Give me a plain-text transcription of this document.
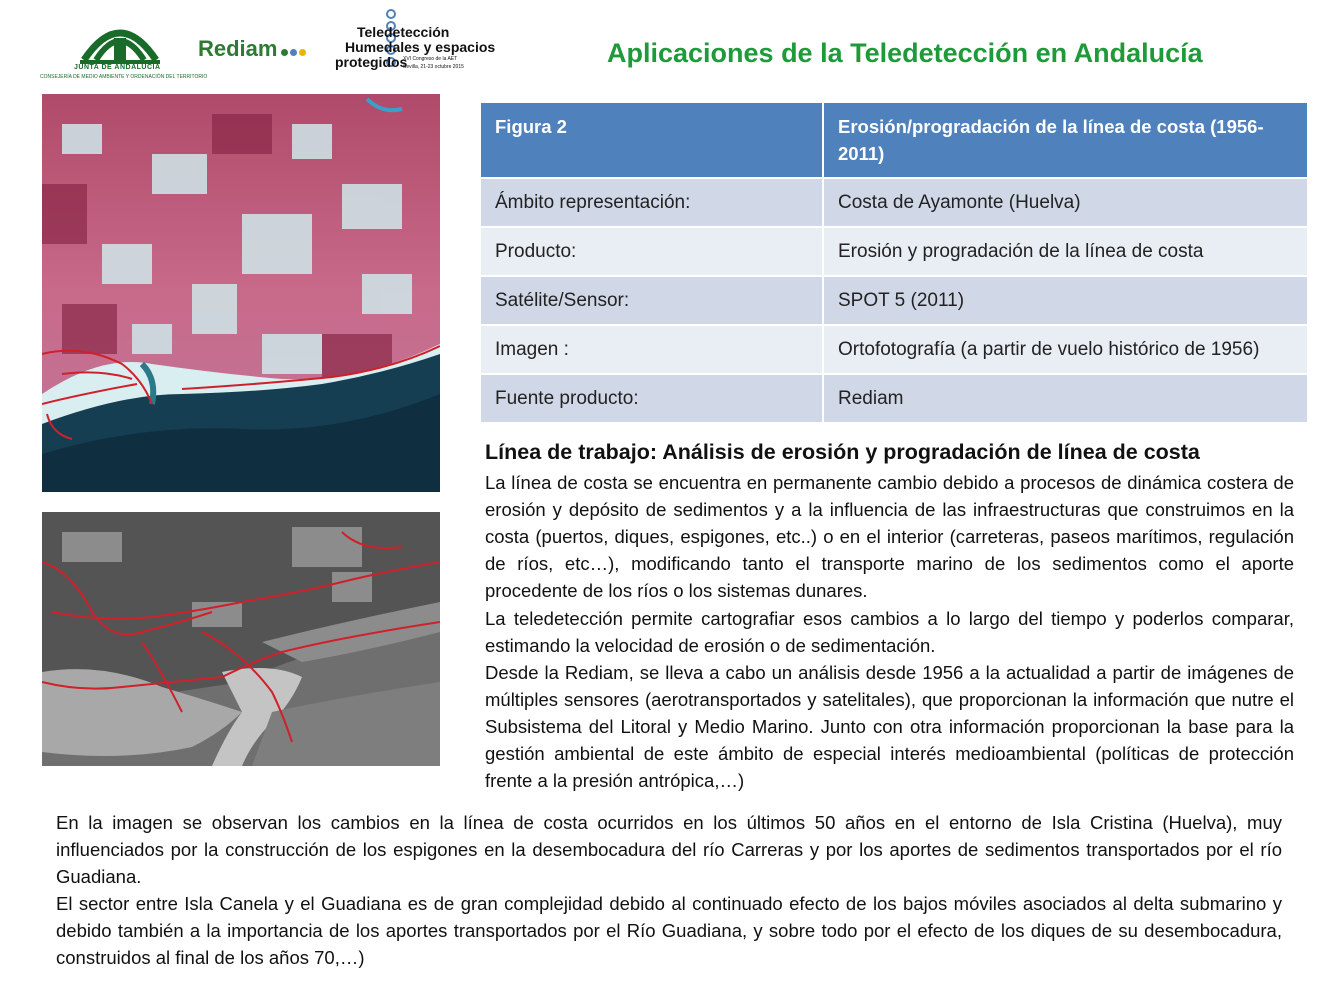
JUNTA DE ANDALUCIA
CONSEJERÍA DE MEDIO AMBIENTE Y ORDENACIÓN DEL TERRITORIO
Rediam
Teledetección
Humedales y espacios
protegidos
XVI Congreso de la AET
Sevilla, 21-23 octubre 2015	Aplicaciones de la Teledetección en Andalucía
Figura 2	Erosión/progradación de la línea de costa (1956-2011)
Ámbito representación:	Costa de Ayamonte (Huelva)
Producto:	Erosión y progradación de la línea de costa
Satélite/Sensor:	SPOT 5 (2011)
Imagen :	Ortofotografía (a partir de vuelo histórico de 1956)
Fuente producto:	Rediam
Línea de trabajo: Análisis de erosión y progradación de línea de costa
La línea de costa se encuentra en permanente cambio debido a procesos de dinámica costera de erosión y depósito de sedimentos y a la influencia de las infraestructuras que construimos en la costa (puertos, diques, espigones, etc..) o en el interior (carreteras, paseos marítimos, regulación de ríos, etc…), modificando tanto el transporte marino de los sedimentos como el aporte procedente de los ríos o los sistemas dunares.
La teledetección permite cartografiar esos cambios a lo largo del tiempo y poderlos comparar, estimando la velocidad de erosión o de sedimentación.
Desde la Rediam, se lleva a cabo un análisis desde 1956 a la actualidad a partir de imágenes de múltiples sensores (aerotransportados y satelitales), que proporcionan la información que nutre el Subsistema del Litoral y Medio Marino. Junto con otra información proporcionan la base para la gestión ambiental de este ámbito de especial interés medioambiental (políticas de protección frente a la presión antrópica,…)
En la imagen se observan los cambios en la línea de costa ocurridos en los últimos 50 años en el entorno de Isla Cristina (Huelva), muy influenciados por la construcción de los espigones en la desembocadura del río Carreras y por los aportes de sedimentos transportados por el río Guadiana.
El sector entre Isla Canela y el Guadiana es de gran complejidad debido al continuado efecto de los bajos móviles asociados al delta submarino y debido también a la importancia de los aportes transportados por el Río Guadiana, y sobre todo por el efecto de los diques de su desembocadura, construidos al final de los años 70,…)
